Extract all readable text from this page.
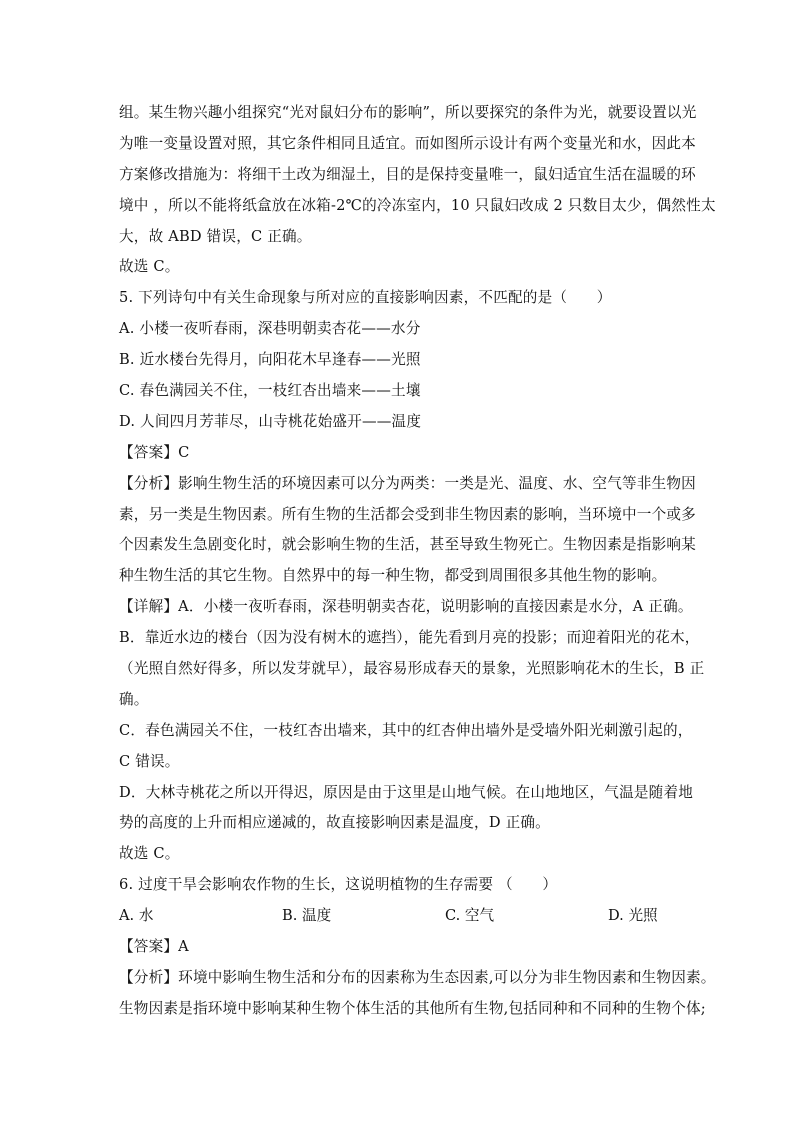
组。某生物兴趣小组探究“光对鼠妇分布的影响”，所以要探究的条件为光，就要设置以光
为唯一变量设置对照，其它条件相同且适宜。而如图所示设计有两个变量光和水，因此本
方案修改措施为：将细干土改为细湿土，目的是保持变量唯一，鼠妇适宜生活在温暖的环
境中 ，所以不能将纸盒放在冰箱-2℃的冷冻室内，10 只鼠妇改成 2 只数目太少，偶然性太
大，故 ABD 错误，C 正确。
故选 C。
5. 下列诗句中有关生命现象与所对应的直接影响因素，不匹配的是（　　）
A. 小楼一夜听春雨，深巷明朝卖杏花——水分
B. 近水楼台先得月，向阳花木早逢春——光照
C. 春色满园关不住，一枝红杏出墙来——土壤
D. 人间四月芳菲尽，山寺桃花始盛开——温度
【答案】C
【分析】影响生物生活的环境因素可以分为两类：一类是光、温度、水、空气等非生物因
素，另一类是生物因素。所有生物的生活都会受到非生物因素的影响，当环境中一个或多
个因素发生急剧变化时，就会影响生物的生活，甚至导致生物死亡。生物因素是指影响某
种生物生活的其它生物。自然界中的每一种生物，都受到周围很多其他生物的影响。
【详解】A．小楼一夜听春雨，深巷明朝卖杏花，说明影响的直接因素是水分，A 正确。
B．靠近水边的楼台（因为没有树木的遮挡），能先看到月亮的投影；而迎着阳光的花木，
（光照自然好得多，所以发芽就早），最容易形成春天的景象，光照影响花木的生长，B 正
确。
C．春色满园关不住，一枝红杏出墙来，其中的红杏伸出墙外是受墙外阳光刺激引起的，
C 错误。
D．大林寺桃花之所以开得迟，原因是由于这里是山地气候。在山地地区，气温是随着地
势的高度的上升而相应递减的，故直接影响因素是温度，D 正确。
故选 C。
6. 过度干旱会影响农作物的生长，这说明植物的生存需要 （　　）
A. 水	B. 温度	C. 空气	D. 光照
【答案】A
【分析】环境中影响生物生活和分布的因素称为生态因素,可以分为非生物因素和生物因素。
生物因素是指环境中影响某种生物个体生活的其他所有生物,包括同种和不同种的生物个体;
